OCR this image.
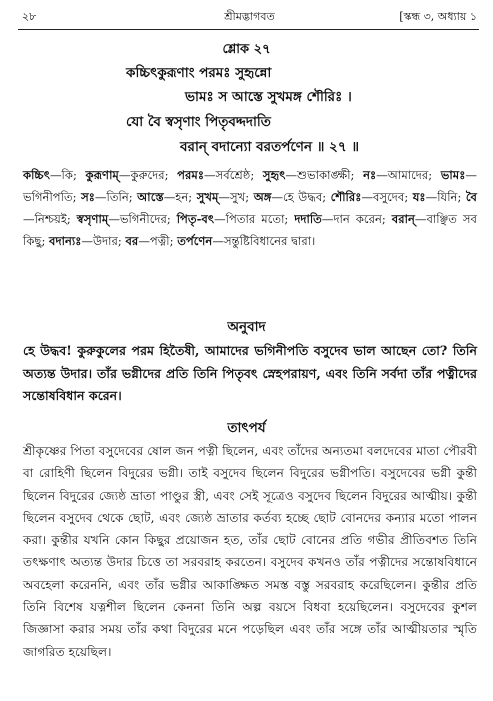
২৮	শ্রীমদ্ভাগবত	[স্কন্ধ ৩, অধ্যায় ১
শ্লোক ২৭
কচ্চিৎকুরূণাং পরমঃ সুহৃন্নো
ভামঃ স আস্তে সুখমঙ্গ শৌরিঃ ।
যো বৈ স্বসৃণাং পিতৃবদ্দদাতি
বরান্ বদান্যো বরতর্পণেন ॥ ২৭ ॥
কচ্চিৎ—কি; কুরূণাম্—কুরুদের; পরমঃ—সর্বশ্রেষ্ঠ; সুহৃৎ—শুভাকাঙ্ক্ষী; নঃ—আমাদের; ভামঃ—ভগিনীপতি; সঃ—তিনি; আস্তে—হন; সুখম্—সুখ; অঙ্গ—হে উদ্ধব; শৌরিঃ—বসুদেব; যঃ—যিনি; বৈ—নিশ্চয়ই; স্বসৃণাম্—ভগিনীদের; পিতৃ-বৎ—পিতার মতো; দদাতি—দান করেন; বরান্—বাঞ্ছিত সব কিছু; বদান্যঃ—উদার; বর—পত্নী; তর্পণেন—সন্তুষ্টিবিধানের দ্বারা।
অনুবাদ
হে উদ্ধব! কুরুকুলের পরম হিতৈষী, আমাদের ভগিনীপতি বসুদেব ভাল আছেন তো? তিনি অত্যন্ত উদার। তাঁর ভগ্নীদের প্রতি তিনি পিতৃবৎ স্নেহপরায়ণ, এবং তিনি সর্বদা তাঁর পত্নীদের সন্তোষবিধান করেন।
তাৎপর্য
শ্রীকৃষ্ণের পিতা বসুদেবের ষোল জন পত্নী ছিলেন, এবং তাঁদের অন্যতমা বলদেবের মাতা পৌরবী বা রোহিণী ছিলেন বিদুরের ভগ্নী। তাই বসুদেব ছিলেন বিদুরের ভগ্নীপতি। বসুদেবের ভগ্নী কুন্তী ছিলেন বিদুরের জ্যেষ্ঠ ভ্রাতা পাণ্ডুর স্ত্রী, এবং সেই সূত্রেও বসুদেব ছিলেন বিদুরের আত্মীয়। কুন্তী ছিলেন বসুদেব থেকে ছোট, এবং জ্যেষ্ঠ ভ্রাতার কর্তব্য হচ্ছে ছোট বোনদের কন্যার মতো পালন করা। কুন্তীর যখনি কোন কিছুর প্রয়োজন হত, তাঁর ছোট বোনের প্রতি গভীর প্রীতিবশত তিনি তৎক্ষণাৎ অত্যন্ত উদার চিত্তে তা সরবরাহ করতেন। বসুদেব কখনও তাঁর পত্নীদের সন্তোষবিধানে অবহেলা করেননি, এবং তাঁর ভগ্নীর আকাঙ্ক্ষিত সমস্ত বস্তু সরবরাহ করেছিলেন। কুন্তীর প্রতি তিনি বিশেষ যত্নশীল ছিলেন কেননা তিনি অল্প বয়সে বিধবা হয়েছিলেন। বসুদেবের কুশল জিজ্ঞাসা করার সময় তাঁর কথা বিদুরের মনে পড়েছিল এবং তাঁর সঙ্গে তাঁর আত্মীয়তার স্মৃতি জাগরিত হয়েছিল।
